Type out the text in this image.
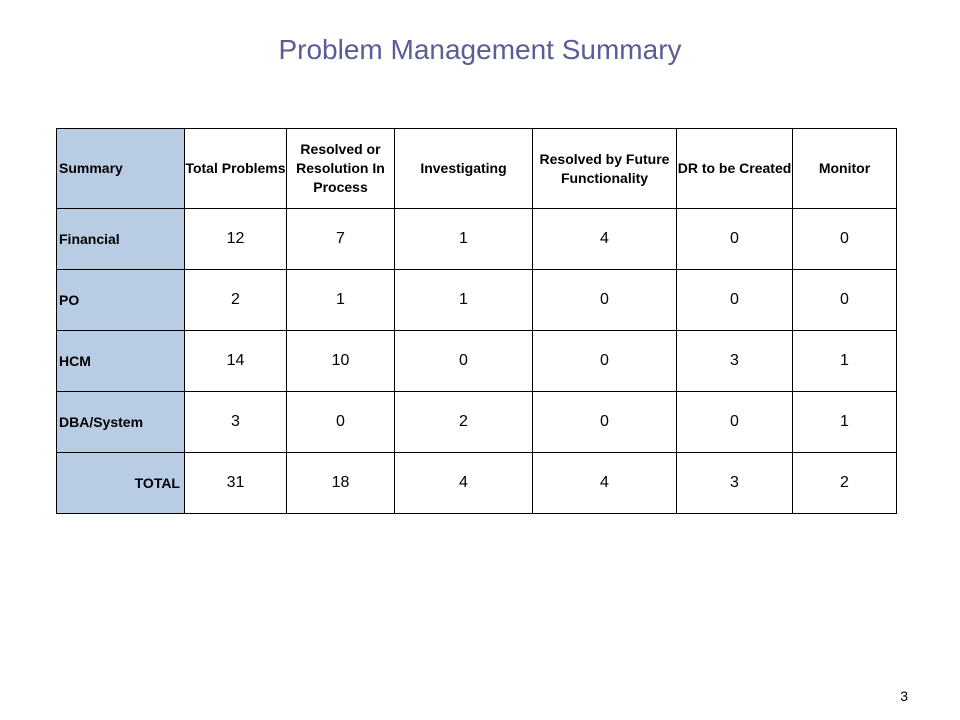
Problem Management Summary
Summary	Total Problems	Resolved or Resolution In Process	Investigating	Resolved by Future Functionality	DR to be Created	Monitor
Financial	12	7	1	4	0	0
PO	2	1	1	0	0	0
HCM	14	10	0	0	3	1
DBA/System	3	0	2	0	0	1
TOTAL	31	18	4	4	3	2
3
